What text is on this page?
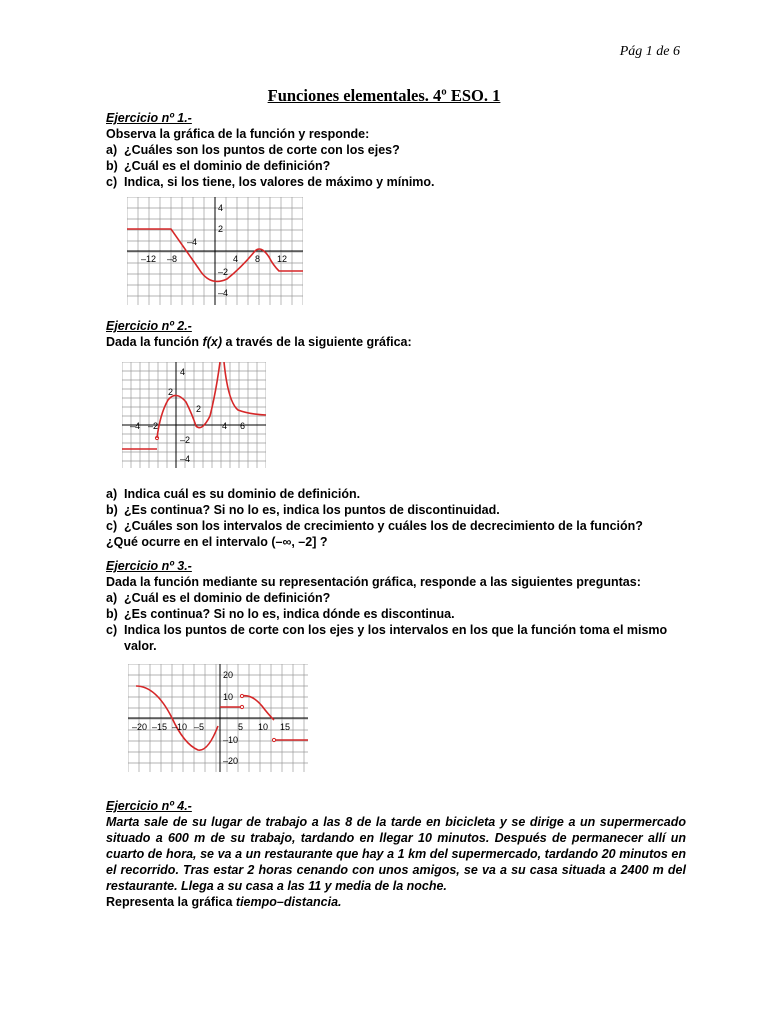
Pág 1 de 6
Funciones elementales. 4º ESO. 1
Ejercicio nº 1.-
Observa la gráfica de la función y responde:
a) ¿Cuáles son los puntos de corte con los ejes?
b) ¿Cuál es el dominio de definición?
c) Indica, si los tiene, los valores de máximo y mínimo.
–12 –8
–4
4 8 12
4
2
–2
–4
Ejercicio nº 2.-
Dada la función f(x) a través de la siguiente gráfica:
–4 –2	4 6
4
2
2
–2
–4
a) Indica cuál es su dominio de definición.
b) ¿Es continua? Si no lo es, indica los puntos de discontinuidad.
c) ¿Cuáles son los intervalos de crecimiento y cuáles los de decrecimiento de la función?
¿Qué ocurre en el intervalo (–∞, –2] ?
Ejercicio nº 3.-
Dada la función mediante su representación gráfica, responde a las siguientes preguntas:
a) ¿Cuál es el dominio de definición?
b) ¿Es continua? Si no lo es, indica dónde es discontinua.
c) Indica los puntos de corte con los ejes y los intervalos en los que la función toma el mismo valor.
–20 –15 –10 –5	5 10 15
20
10
–10
–20
Ejercicio nº 4.-
Marta sale de su lugar de trabajo a las 8 de la tarde en bicicleta y se dirige a un supermercado situado a 600 m de su trabajo, tardando en llegar 10 minutos. Después de permanecer allí un cuarto de hora, se va a un restaurante que hay a 1 km del supermercado, tardando 20 minutos en el recorrido. Tras estar 2 horas cenando con unos amigos, se va a su casa situada a 2400 m del restaurante. Llega a su casa a las 11 y media de la noche.
Representa la gráfica tiempo–distancia.
